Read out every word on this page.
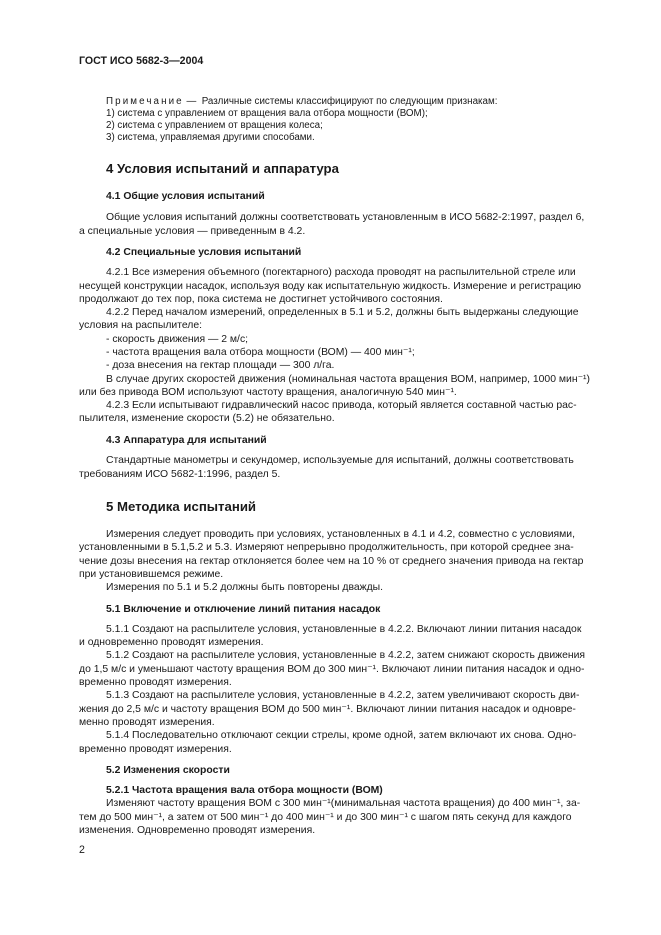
ГОСТ ИСО 5682-3—2004
Примечание — Различные системы классифицируют по следующим признакам:
1) система с управлением от вращения вала отбора мощности (ВОМ);
2) система с управлением от вращения колеса;
3) система, управляемая другими способами.
4 Условия испытаний и аппаратура
4.1 Общие условия испытаний
Общие условия испытаний должны соответствовать установленным в ИСО 5682-2:1997, раздел 6,
а специальные условия — приведенным в 4.2.
4.2 Специальные условия испытаний
4.2.1 Все измерения объемного (погектарного) расхода проводят на распылительной стреле или
несущей конструкции насадок, используя воду как испытательную жидкость. Измерение и регистрацию
продолжают до тех пор, пока система не достигнет устойчивого состояния.
4.2.2 Перед началом измерений, определенных в 5.1 и 5.2, должны быть выдержаны следующие
условия на распылителе:
- скорость движения — 2 м/с;
- частота вращения вала отбора мощности (ВОМ) — 400 мин⁻¹;
- доза внесения на гектар площади — 300 л/га.
В случае других скоростей движения (номинальная частота вращения ВОМ, например, 1000 мин⁻¹)
или без привода ВОМ используют частоту вращения, аналогичную 540 мин⁻¹.
4.2.3 Если испытывают гидравлический насос привода, который является составной частью рас-
пылителя, изменение скорости (5.2) не обязательно.
4.3 Аппаратура для испытаний
Стандартные манометры и секундомер, используемые для испытаний, должны соответствовать
требованиям ИСО 5682-1:1996, раздел 5.
5 Методика испытаний
Измерения следует проводить при условиях, установленных в 4.1 и 4.2, совместно с условиями,
установленными в 5.1,5.2 и 5.3. Измеряют непрерывно продолжительность, при которой среднее зна-
чение дозы внесения на гектар отклоняется более чем на 10 % от среднего значения привода на гектар
при установившемся режиме.
Измерения по 5.1 и 5.2 должны быть повторены дважды.
5.1 Включение и отключение линий питания насадок
5.1.1 Создают на распылителе условия, установленные в 4.2.2. Включают линии питания насадок
и одновременно проводят измерения.
5.1.2 Создают на распылителе условия, установленные в 4.2.2, затем снижают скорость движения
до 1,5 м/с и уменьшают частоту вращения ВОМ до 300 мин⁻¹. Включают линии питания насадок и одно-
временно проводят измерения.
5.1.3 Создают на распылителе условия, установленные в 4.2.2, затем увеличивают скорость дви-
жения до 2,5 м/с и частоту вращения ВОМ до 500 мин⁻¹. Включают линии питания насадок и одновре-
менно проводят измерения.
5.1.4 Последовательно отключают секции стрелы, кроме одной, затем включают их снова. Одно-
временно проводят измерения.
5.2 Изменения скорости
5.2.1 Частота вращения вала отбора мощности (ВОМ)
Изменяют частоту вращения ВОМ с 300 мин⁻¹(минимальная частота вращения) до 400 мин⁻¹, за-
тем до 500 мин⁻¹, а затем от 500 мин⁻¹ до 400 мин⁻¹ и до 300 мин⁻¹ с шагом пять секунд для каждого
изменения. Одновременно проводят измерения.
2
